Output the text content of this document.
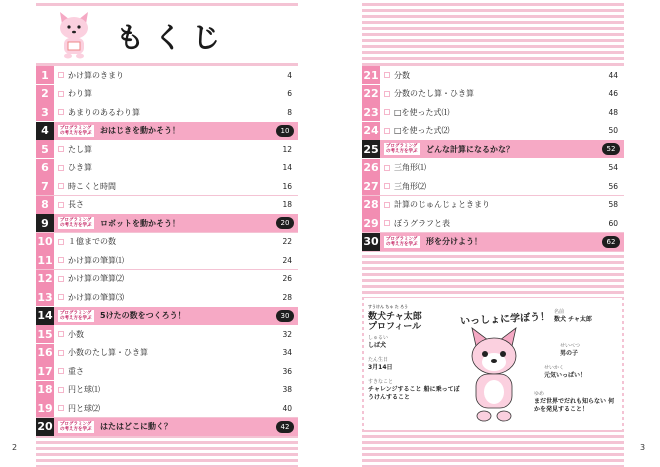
もくじ
1	かけ算のきまり	4
2	わり算	6
3	あまりのあるわり算	8
4	プログラミングの考え方を学ぶ	おはじきを動かそう！	10
5	たし算	12
6	ひき算	14
7	時こくと時間	16
8	長さ	18
9	プログラミングの考え方を学ぶ	ロボットを動かそう！	20
10 １億までの数	22
11 かけ算の筆算⑴	24
12 かけ算の筆算⑵	26
13 かけ算の筆算⑶	28
14	プログラミングの考え方を学ぶ	5けたの数をつくろう！	30
15 小数	32
16 小数のたし算・ひき算	34
17 重さ	36
18 円と球⑴	38
19 円と球⑵	40
20	プログラミングの考え方を学ぶ	はたはどこに動く？	42
21 分数	44
22 分数のたし算・ひき算	46
23 □を使った式⑴	48
24 □を使った式⑵	50
25	プログラミングの考え方を学ぶ	どんな計算になるかな？	52
26 三角形⑴	54
27 三角形⑵	56
28 計算のじゅんじょときまり	58
29 ぼうグラフと表	60
30	プログラミングの考え方を学ぶ	形を分けよう！	62
すうけん ちゃ た ろう
数犬チャ太郎
プロフィール	いっしょに学ぼう！
しゅるい
しば犬
たん生日
3月14日
すきなこと
チャレンジすること 船に乗ってぼうけんすること
名前
数犬 チャ太郎
せいべつ
男の子
せいかく
元気いっぱい！
ゆめ
まだ世界でだれも知らない 何かを発見すること！
2	3
